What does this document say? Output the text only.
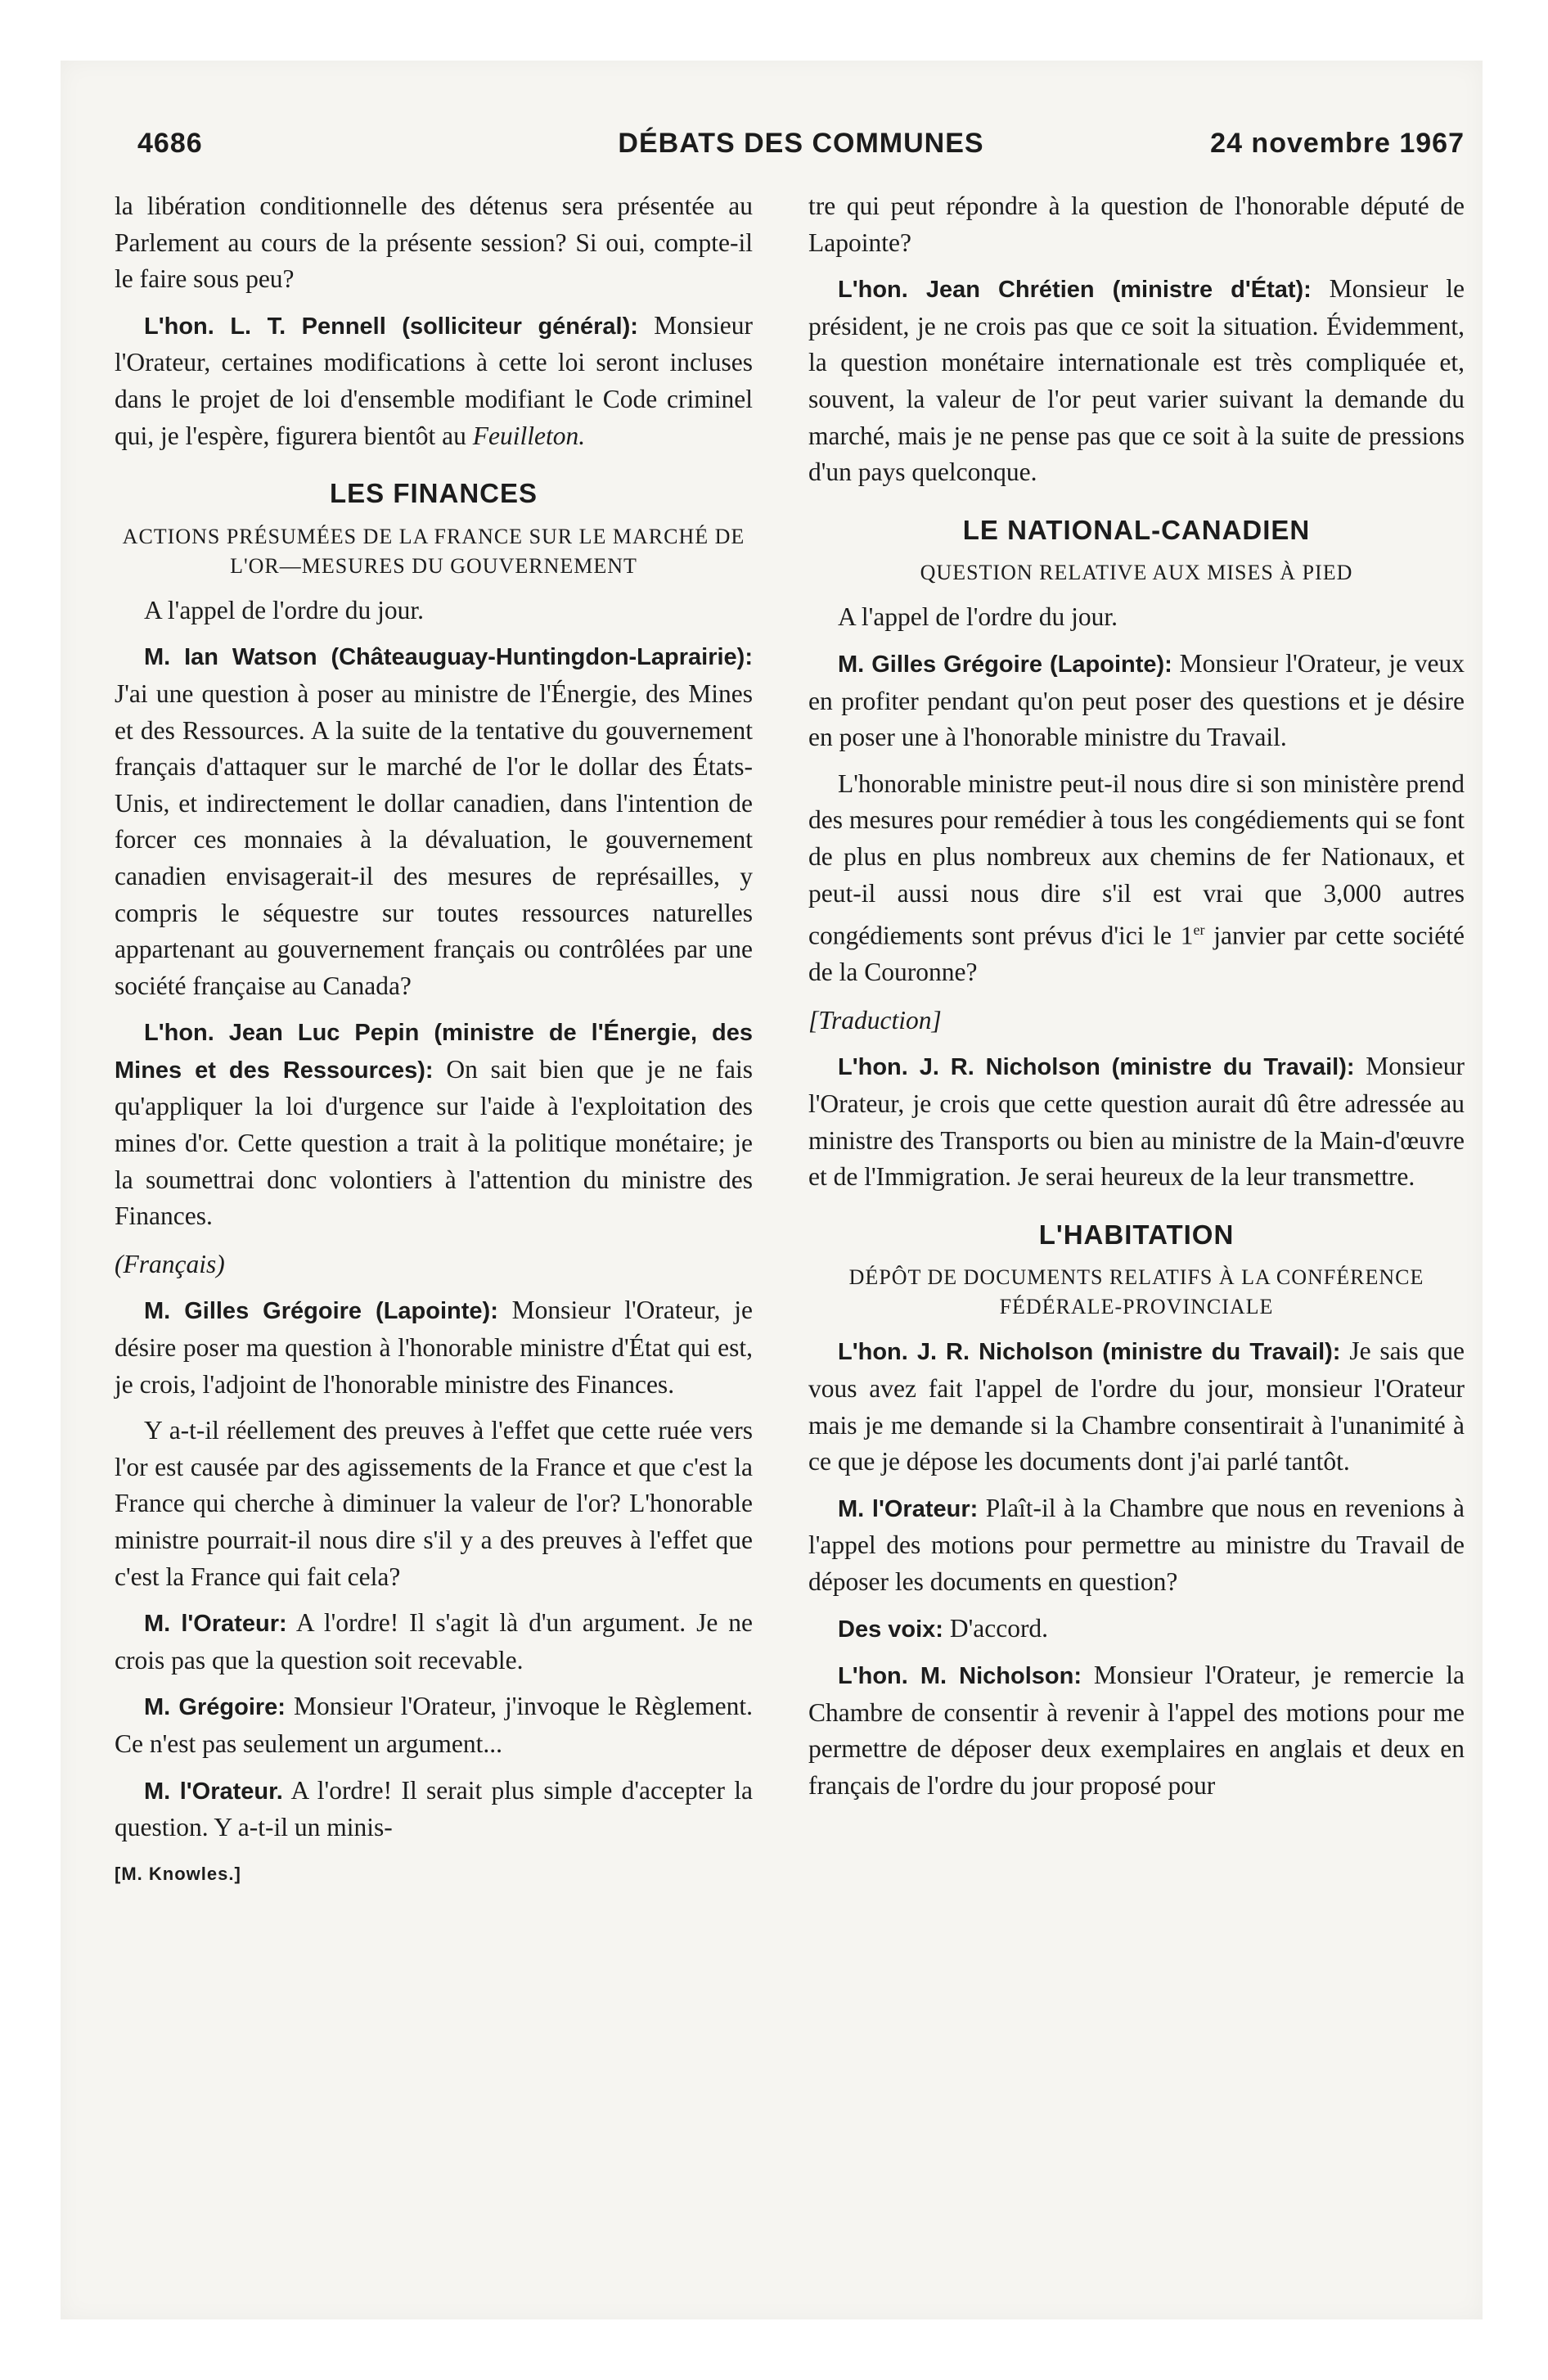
4686	DÉBATS DES COMMUNES	24 novembre 1967

la libération conditionnelle des détenus sera présentée au Parlement au cours de la présente session? Si oui, compte-il le faire sous peu?

L'hon. L. T. Pennell (solliciteur général): Monsieur l'Orateur, certaines modifications à cette loi seront incluses dans le projet de loi d'ensemble modifiant le Code criminel qui, je l'espère, figurera bientôt au Feuilleton.

LES FINANCES
ACTIONS PRÉSUMÉES DE LA FRANCE SUR LE MARCHÉ DE L'OR—MESURES DU GOUVERNEMENT

A l'appel de l'ordre du jour.

M. Ian Watson (Châteauguay-Huntingdon-Laprairie): J'ai une question à poser au ministre de l'Énergie, des Mines et des Ressources. A la suite de la tentative du gouvernement français d'attaquer sur le marché de l'or le dollar des États-Unis, et indirectement le dollar canadien, dans l'intention de forcer ces monnaies à la dévaluation, le gouvernement canadien envisagerait-il des mesures de représailles, y compris le séquestre sur toutes ressources naturelles appartenant au gouvernement français ou contrôlées par une société française au Canada?

L'hon. Jean Luc Pepin (ministre de l'Énergie, des Mines et des Ressources): On sait bien que je ne fais qu'appliquer la loi d'urgence sur l'aide à l'exploitation des mines d'or. Cette question a trait à la politique monétaire; je la soumettrai donc volontiers à l'attention du ministre des Finances.

(Français)

M. Gilles Grégoire (Lapointe): Monsieur l'Orateur, je désire poser ma question à l'honorable ministre d'État qui est, je crois, l'adjoint de l'honorable ministre des Finances.

Y a-t-il réellement des preuves à l'effet que cette ruée vers l'or est causée par des agissements de la France et que c'est la France qui cherche à diminuer la valeur de l'or? L'honorable ministre pourrait-il nous dire s'il y a des preuves à l'effet que c'est la France qui fait cela?

M. l'Orateur: A l'ordre! Il s'agit là d'un argument. Je ne crois pas que la question soit recevable.

M. Grégoire: Monsieur l'Orateur, j'invoque le Règlement. Ce n'est pas seulement un argument...

M. l'Orateur. A l'ordre! Il serait plus simple d'accepter la question. Y a-t-il un minis-

[M. Knowles.]

tre qui peut répondre à la question de l'honorable député de Lapointe?

L'hon. Jean Chrétien (ministre d'État): Monsieur le président, je ne crois pas que ce soit la situation. Évidemment, la question monétaire internationale est très compliquée et, souvent, la valeur de l'or peut varier suivant la demande du marché, mais je ne pense pas que ce soit à la suite de pressions d'un pays quelconque.

LE NATIONAL-CANADIEN
QUESTION RELATIVE AUX MISES À PIED

A l'appel de l'ordre du jour.

M. Gilles Grégoire (Lapointe): Monsieur l'Orateur, je veux en profiter pendant qu'on peut poser des questions et je désire en poser une à l'honorable ministre du Travail.

L'honorable ministre peut-il nous dire si son ministère prend des mesures pour remédier à tous les congédiements qui se font de plus en plus nombreux aux chemins de fer Nationaux, et peut-il aussi nous dire s'il est vrai que 3,000 autres congédiements sont prévus d'ici le 1er janvier par cette société de la Couronne?

[Traduction]

L'hon. J. R. Nicholson (ministre du Travail): Monsieur l'Orateur, je crois que cette question aurait dû être adressée au ministre des Transports ou bien au ministre de la Main-d'œuvre et de l'Immigration. Je serai heureux de la leur transmettre.

L'HABITATION
DÉPÔT DE DOCUMENTS RELATIFS À LA CONFÉRENCE FÉDÉRALE-PROVINCIALE

L'hon. J. R. Nicholson (ministre du Travail): Je sais que vous avez fait l'appel de l'ordre du jour, monsieur l'Orateur mais je me demande si la Chambre consentirait à l'unanimité à ce que je dépose les documents dont j'ai parlé tantôt.

M. l'Orateur: Plaît-il à la Chambre que nous en revenions à l'appel des motions pour permettre au ministre du Travail de déposer les documents en question?

Des voix: D'accord.

L'hon. M. Nicholson: Monsieur l'Orateur, je remercie la Chambre de consentir à revenir à l'appel des motions pour me permettre de déposer deux exemplaires en anglais et deux en français de l'ordre du jour proposé pour
